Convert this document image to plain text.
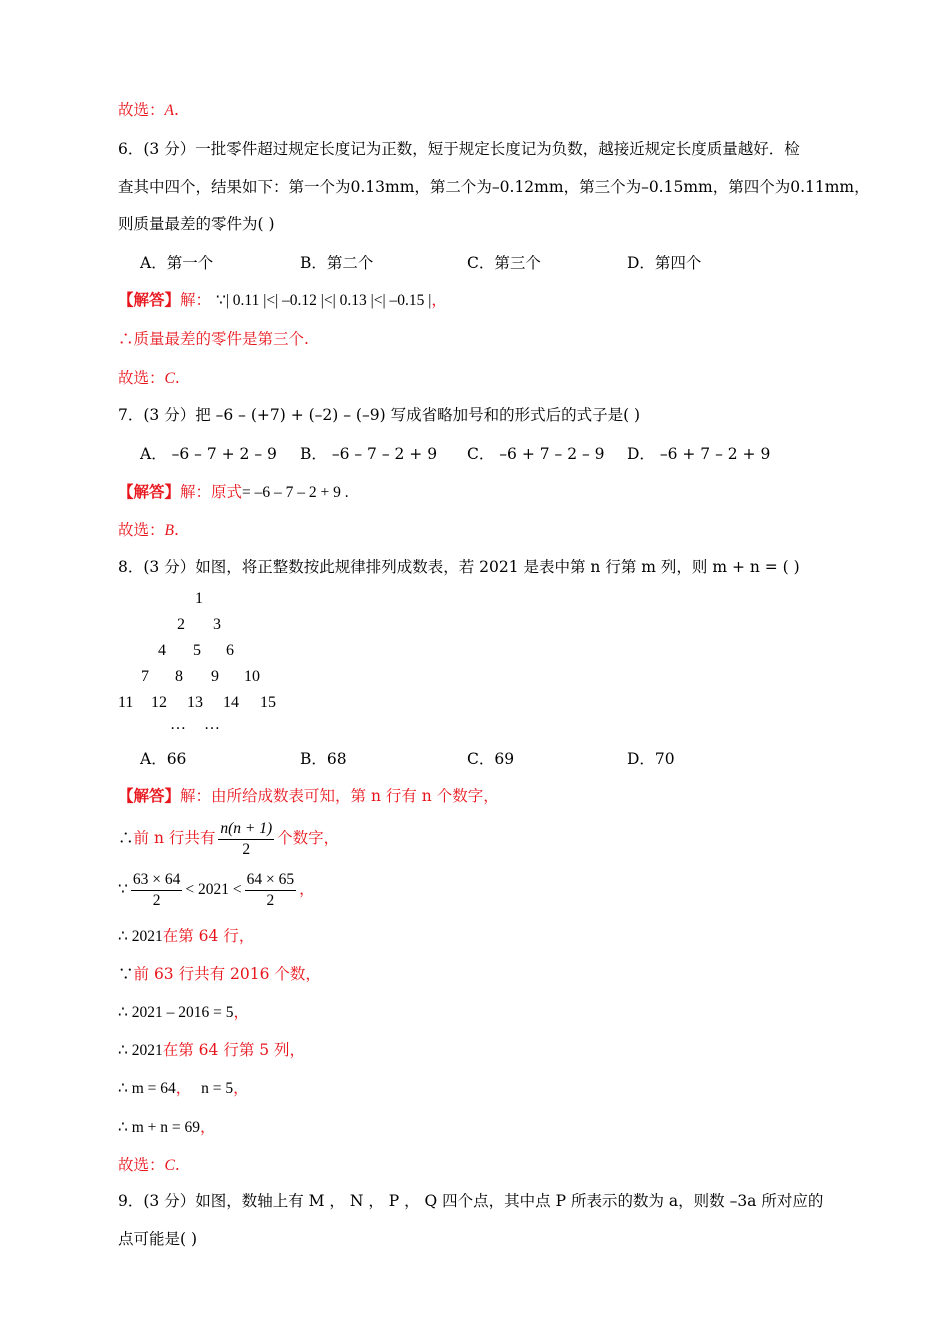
故选：A.
6．(3 分）一批零件超过规定长度记为正数，短于规定长度记为负数，越接近规定长度质量越好．检
查其中四个，结果如下：第一个为0.13mm，第二个为–0.12mm，第三个为–0.15mm，第四个为0.11mm，
则质量最差的零件为( )
A．第一个	B．第二个	C．第三个	D．第四个
【解答】解： ∵| 0.11 |<| –0.12 |<| 0.13 |<| –0.15 |，
∴质量最差的零件是第三个.
故选：C.
7．(3 分）把 –6 – (+7) + (–2) – (–9) 写成省略加号和的形式后的式子是( )
A． –6 – 7 + 2 – 9 B． –6 – 7 – 2 + 9 C． –6 + 7 – 2 – 9 D． –6 + 7 – 2 + 9
【解答】解：原式= –6 – 7 – 2 + 9 .
故选：B.
8．(3 分）如图，将正整数按此规律排列成数表，若 2021 是表中第 n 行第 m 列，则 m + n = ( )
1
2 3
4 5 6
7 8 9 10
11 12 13 14 15
… …
A．66	B．68	C．69	D．70
【解答】解：由所给成数表可知，第 n 行有 n 个数字，
∴前 n 行共有 $\frac{n(n + 1)}{2}$ 个数字，
∵ $\frac{63 \times 64}{2} < 2021 < \frac{64 \times 65}{2}$ ，
∴ 2021在第 64 行，
∵前 63 行共有 2016 个数，
∴ 2021 – 2016 = 5，
∴ 2021在第 64 行第 5 列，
∴ m = 64， n = 5，
∴ m + n = 69，
故选：C.
9．(3 分）如图，数轴上有 M ， N ， P ， Q 四个点，其中点 P 所表示的数为 a，则数 –3a 所对应的
点可能是( )
